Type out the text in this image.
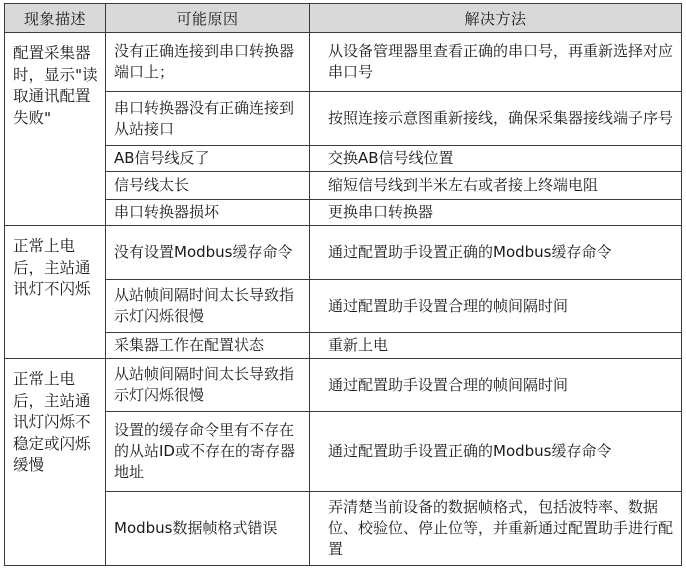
现象描述	可能原因	解决方法
配置采集器时，显示"读取通讯配置失败"	没有正确连接到串口转换器端口上；	从设备管理器里查看正确的串口号，再重新选择对应串口号
	串口转换器没有正确连接到从站接口	按照连接示意图重新接线，确保采集器接线端子序号
	AB信号线反了	交换AB信号线位置
	信号线太长	缩短信号线到半米左右或者接上终端电阻
	串口转换器损坏	更换串口转换器
正常上电后，主站通讯灯不闪烁	没有设置Modbus缓存命令	通过配置助手设置正确的Modbus缓存命令
	从站帧间隔时间太长导致指示灯闪烁很慢	通过配置助手设置合理的帧间隔时间
	采集器工作在配置状态	重新上电
正常上电后，主站通讯灯闪烁不稳定或闪烁缓慢	从站帧间隔时间太长导致指示灯闪烁很慢	通过配置助手设置合理的帧间隔时间
	设置的缓存命令里有不存在的从站ID或不存在的寄存器地址	通过配置助手设置正确的Modbus缓存命令
	Modbus数据帧格式错误	弄清楚当前设备的数据帧格式，包括波特率、数据位、校验位、停止位等，并重新通过配置助手进行配置
